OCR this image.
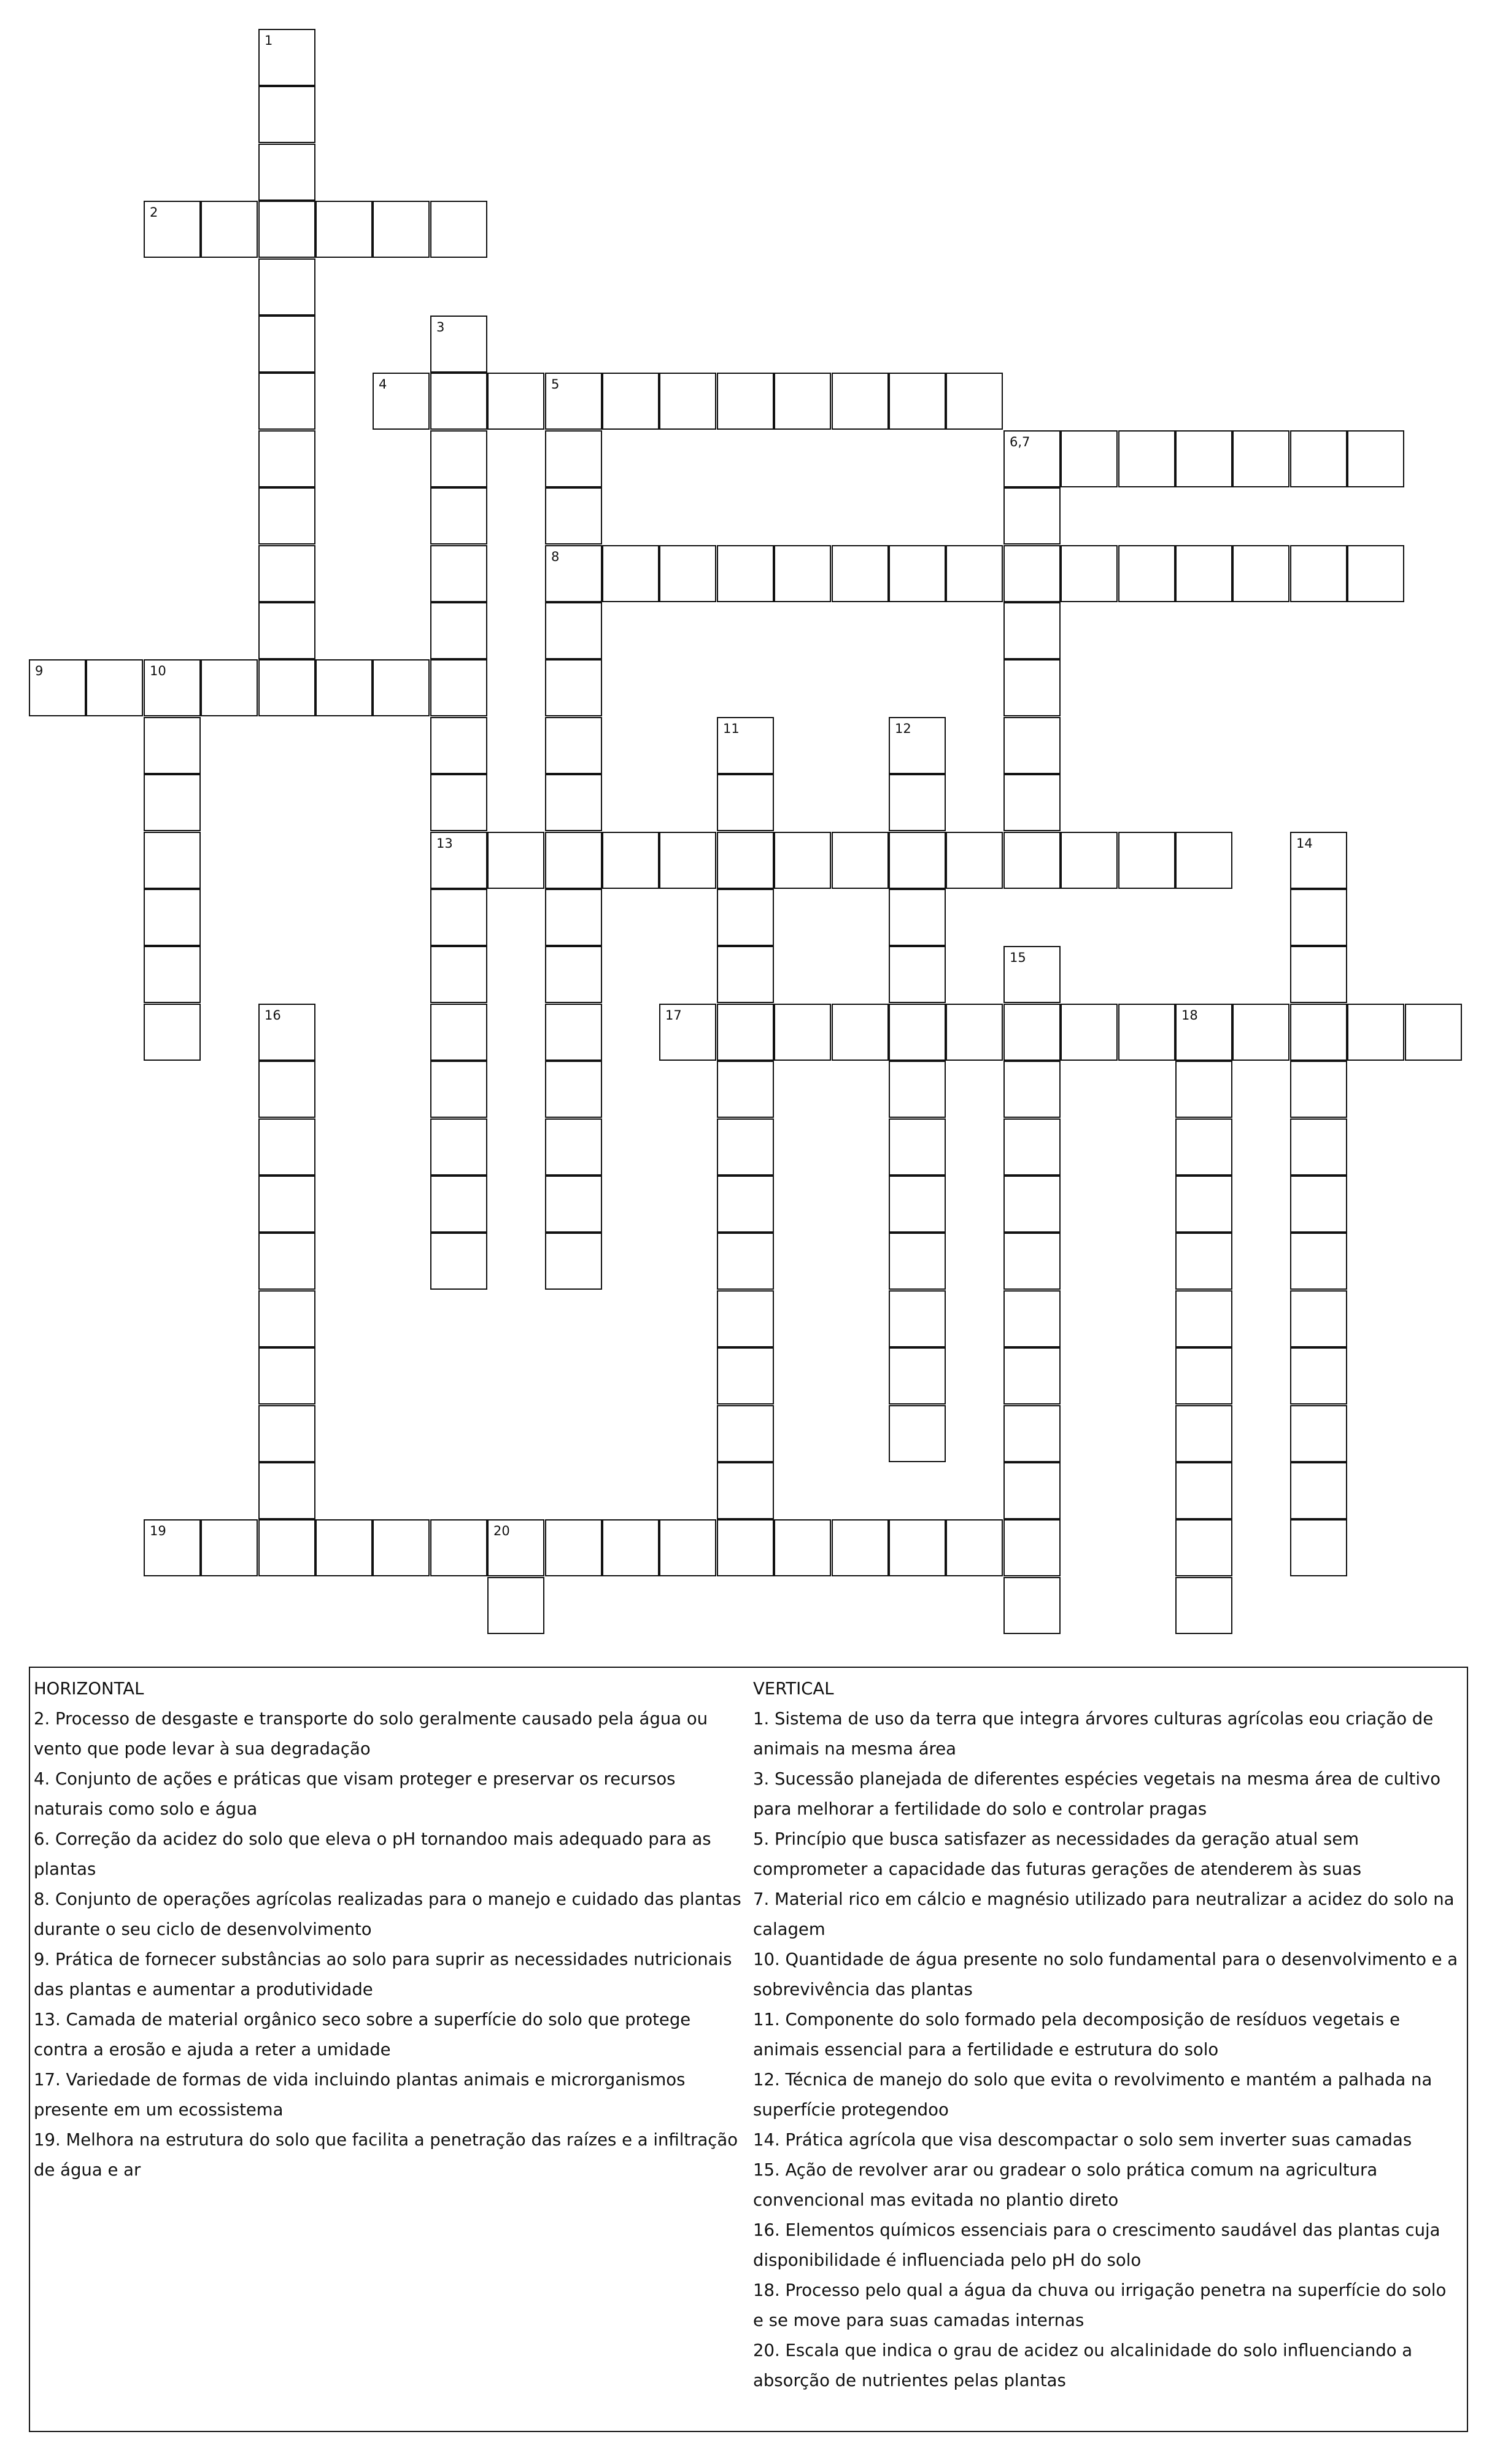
1
2
3
13
4	5
8
6,7
9	10
11	12
14
15
16	17	18
19	20
HORIZONTAL
2. Processo de desgaste e transporte do solo geralmente causado pela água ou vento que pode levar à sua degradação
4. Conjunto de ações e práticas que visam proteger e preservar os recursos naturais como solo e água
6. Correção da acidez do solo que eleva o pH tornandoo mais adequado para as plantas
8. Conjunto de operações agrícolas realizadas para o manejo e cuidado das plantas durante o seu ciclo de desenvolvimento
9. Prática de fornecer substâncias ao solo para suprir as necessidades nutricionais das plantas e aumentar a produtividade
13. Camada de material orgânico seco sobre a superfície do solo que protege contra a erosão e ajuda a reter a umidade
17. Variedade de formas de vida incluindo plantas animais e microrganismos presente em um ecossistema
19. Melhora na estrutura do solo que facilita a penetração das raízes e a infiltração de água e ar
VERTICAL
1. Sistema de uso da terra que integra árvores culturas agrícolas eou criação de animais na mesma área
3. Sucessão planejada de diferentes espécies vegetais na mesma área de cultivo para melhorar a fertilidade do solo e controlar pragas
5. Princípio que busca satisfazer as necessidades da geração atual sem comprometer a capacidade das futuras gerações de atenderem às suas
7. Material rico em cálcio e magnésio utilizado para neutralizar a acidez do solo na calagem
10. Quantidade de água presente no solo fundamental para o desenvolvimento e a sobrevivência das plantas
11. Componente do solo formado pela decomposição de resíduos vegetais e animais essencial para a fertilidade e estrutura do solo
12. Técnica de manejo do solo que evita o revolvimento e mantém a palhada na superfície protegendoo
14. Prática agrícola que visa descompactar o solo sem inverter suas camadas
15. Ação de revolver arar ou gradear o solo prática comum na agricultura convencional mas evitada no plantio direto
16. Elementos químicos essenciais para o crescimento saudável das plantas cuja disponibilidade é influenciada pelo pH do solo
18. Processo pelo qual a água da chuva ou irrigação penetra na superfície do solo e se move para suas camadas internas
20. Escala que indica o grau de acidez ou alcalinidade do solo influenciando a absorção de nutrientes pelas plantas
